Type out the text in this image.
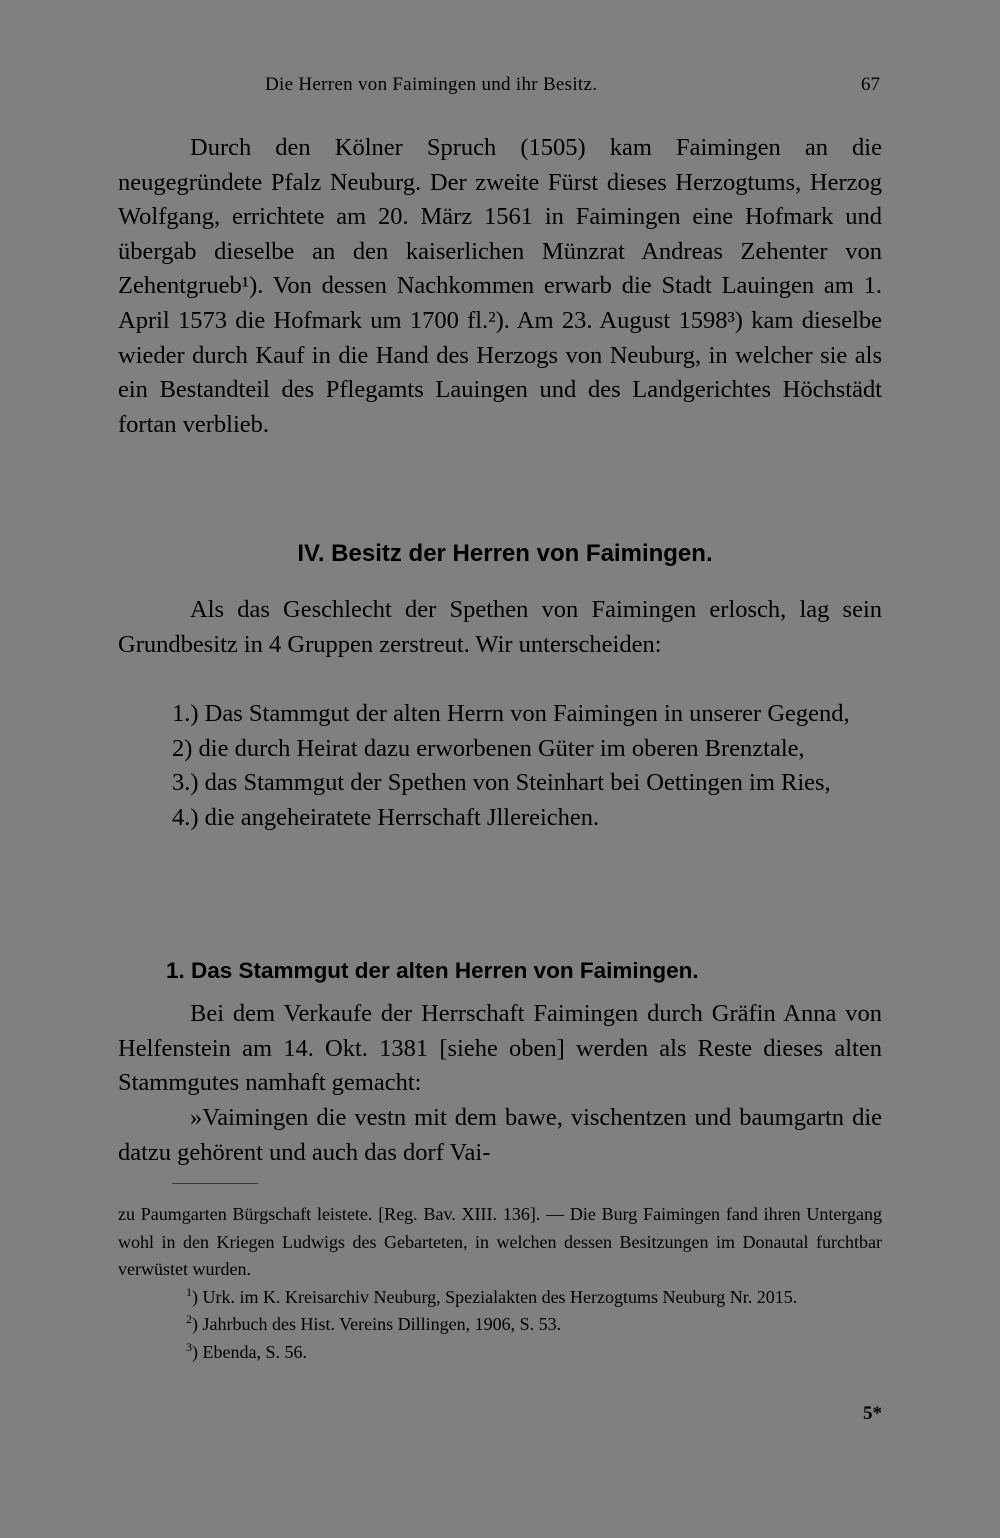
Die Herren von Faimingen und ihr Besitz.	67

Durch den Kölner Spruch (1505) kam Faimingen an die neugegründete Pfalz Neuburg. Der zweite Fürst dieses Herzogtums, Herzog Wolfgang, errichtete am 20. März 1561 in Faimingen eine Hofmark und übergab dieselbe an den kaiserlichen Münzrat Andreas Zehenter von Zehentgrueb¹). Von dessen Nachkommen erwarb die Stadt Lauingen am 1. April 1573 die Hofmark um 1700 fl.²). Am 23. August 1598³) kam dieselbe wieder durch Kauf in die Hand des Herzogs von Neuburg, in welcher sie als ein Bestandteil des Pflegamts Lauingen und des Landgerichtes Höchstädt fortan verblieb.

IV. Besitz der Herren von Faimingen.

Als das Geschlecht der Spethen von Faimingen erlosch, lag sein Grundbesitz in 4 Gruppen zerstreut. Wir unterscheiden:

1.) Das Stammgut der alten Herrn von Faimingen in unserer Gegend,
2) die durch Heirat dazu erworbenen Güter im oberen Brenztale,
3.) das Stammgut der Spethen von Steinhart bei Oettingen im Ries,
4.) die angeheiratete Herrschaft Jllereichen.
1. Das Stammgut der alten Herren von Faimingen.

Bei dem Verkaufe der Herrschaft Faimingen durch Gräfin Anna von Helfenstein am 14. Okt. 1381 [siehe oben] werden als Reste dieses alten Stammgutes namhaft gemacht:

»Vaimingen die vestn mit dem bawe, vischentzen und baumgartn die datzu gehörent und auch das dorf Vai-

zu Paumgarten Bürgschaft leistete. [Reg. Bav. XIII. 136]. — Die Burg Faimingen fand ihren Untergang wohl in den Kriegen Ludwigs des Gebarteten, in welchen dessen Besitzungen im Donautal furchtbar verwüstet wurden.

$^1$) Urk. im K. Kreisarchiv Neuburg, Spezialakten des Herzogtums Neuburg Nr. 2015.

$^2$) Jahrbuch des Hist. Vereins Dillingen, 1906, S. 53.

$^3$) Ebenda, S. 56.

5*
